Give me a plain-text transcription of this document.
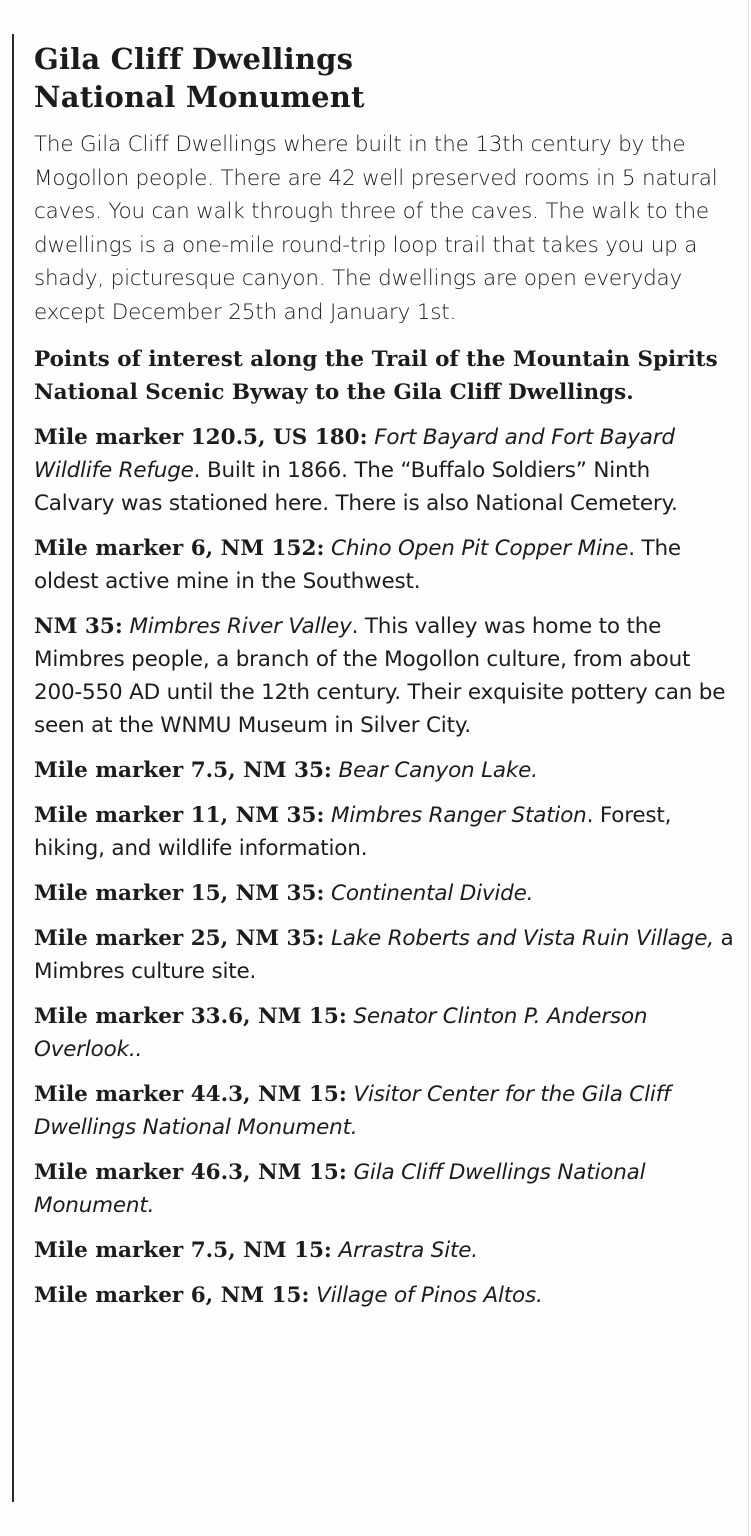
Gila Cliff Dwellings
National Monument

The Gila Cliff Dwellings where built in the 13th century by the Mogollon people. There are 42 well preserved rooms in 5 natural caves. You can walk through three of the caves. The walk to the dwellings is a one-mile round-trip loop trail that takes you up a shady, picturesque canyon. The dwellings are open everyday except December 25th and January 1st.

Points of interest along the Trail of the Mountain Spirits National Scenic Byway to the Gila Cliff Dwellings.

Mile marker 120.5, US 180: Fort Bayard and Fort Bayard Wildlife Refuge. Built in 1866. The “Buffalo Soldiers” Ninth Calvary was stationed here. There is also National Cemetery.

Mile marker 6, NM 152: Chino Open Pit Copper Mine. The oldest active mine in the Southwest.

NM 35: Mimbres River Valley. This valley was home to the Mimbres people, a branch of the Mogollon culture, from about 200-550 AD until the 12th century. Their exquisite pottery can be seen at the WNMU Museum in Silver City.

Mile marker 7.5, NM 35: Bear Canyon Lake.

Mile marker 11, NM 35: Mimbres Ranger Station. Forest, hiking, and wildlife information.

Mile marker 15, NM 35: Continental Divide.

Mile marker 25, NM 35: Lake Roberts and Vista Ruin Village, a Mimbres culture site.

Mile marker 33.6, NM 15: Senator Clinton P. Anderson Overlook..

Mile marker 44.3, NM 15: Visitor Center for the Gila Cliff Dwellings National Monument.

Mile marker 46.3, NM 15: Gila Cliff Dwellings National Monument.

Mile marker 7.5, NM 15: Arrastra Site.

Mile marker 6, NM 15: Village of Pinos Altos.
